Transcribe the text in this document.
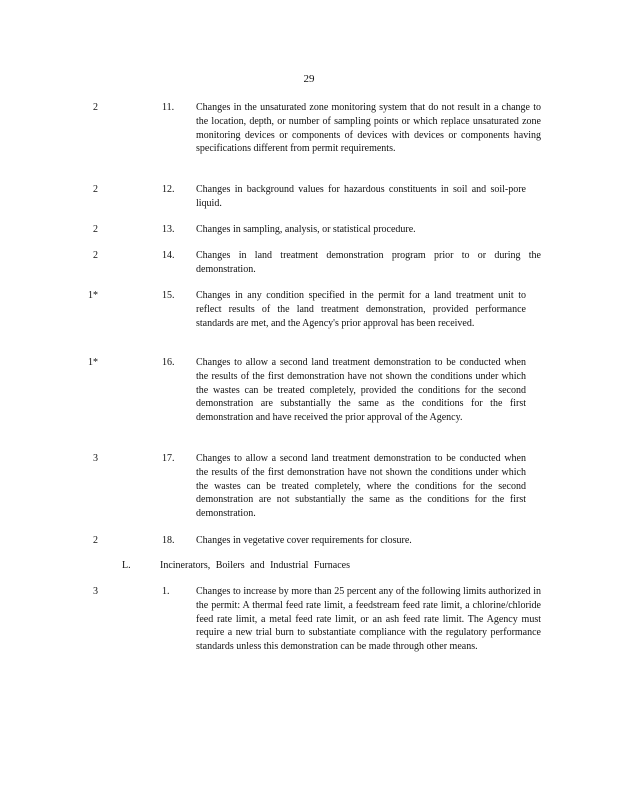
29
2	11. Changes in the unsaturated zone monitoring system that do not result in a change to the location, depth, or number of sampling points or which replace unsaturated zone monitoring devices or components of devices with devices or components having specifications different from permit requirements.
2	12. Changes in background values for hazardous constituents in soil and soil-pore liquid.
2	13. Changes in sampling, analysis, or statistical procedure.
2	14. Changes in land treatment demonstration program prior to or during the demonstration.
1*	15. Changes in any condition specified in the permit for a land treatment unit to reflect results of the land treatment demonstration, provided performance standards are met, and the Agency's prior approval has been received.
1*	16. Changes to allow a second land treatment demonstration to be conducted when the results of the first demonstration have not shown the conditions under which the wastes can be treated completely, provided the conditions for the second demonstration are substantially the same as the conditions for the first demonstration and have received the prior approval of the Agency.
3	17. Changes to allow a second land treatment demonstration to be conducted when the results of the first demonstration have not shown the conditions under which the wastes can be treated completely, where the conditions for the second demonstration are not substantially the same as the conditions for the first demonstration.
2	18. Changes in vegetative cover requirements for closure.
L.	Incinerators, Boilers and Industrial Furnaces
3	1.	Changes to increase by more than 25 percent any of the following limits authorized in the permit: A thermal feed rate limit, a feedstream feed rate limit, a chlorine/chloride feed rate limit, a metal feed rate limit, or an ash feed rate limit. The Agency must require a new trial burn to substantiate compliance with the regulatory performance standards unless this demonstration can be made through other means.
